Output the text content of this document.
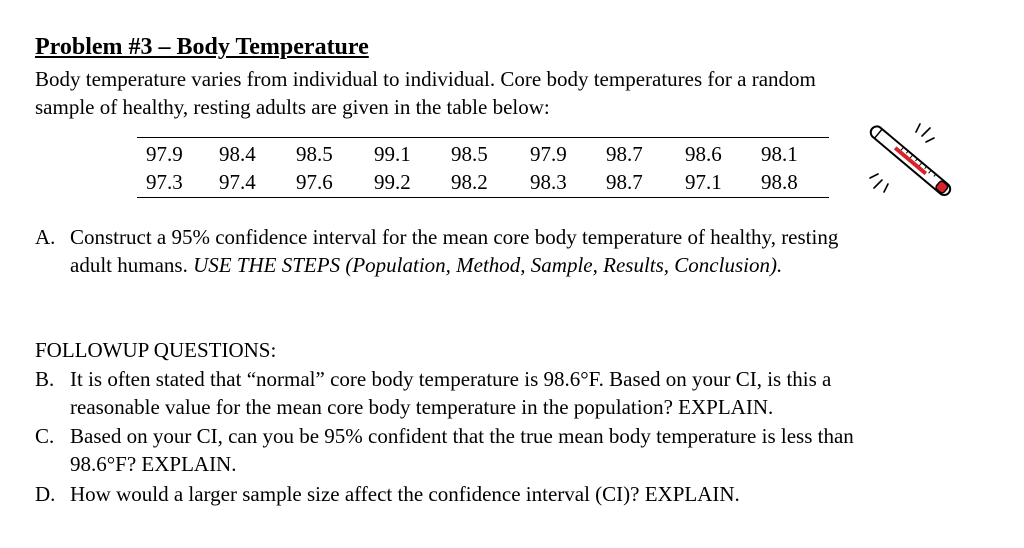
Problem #3 – Body Temperature

Body temperature varies from individual to individual. Core body temperatures for a random

sample of healthy, resting adults are given in the table below:

97.9	98.4	98.5	99.1	98.5	97.9	98.7	98.6	98.1
97.3	97.4	97.6	99.2	98.2	98.3	98.7	97.1	98.8
A. Construct a 95% confidence interval for the mean core body temperature of healthy, resting
adult humans. USE THE STEPS (Population, Method, Sample, Results, Conclusion).
FOLLOWUP QUESTIONS:
B. It is often stated that “normal” core body temperature is 98.6°F. Based on your CI, is this a
reasonable value for the mean core body temperature in the population? EXPLAIN.
C. Based on your CI, can you be 95% confident that the true mean body temperature is less than
98.6°F? EXPLAIN.
D. How would a larger sample size affect the confidence interval (CI)? EXPLAIN.
